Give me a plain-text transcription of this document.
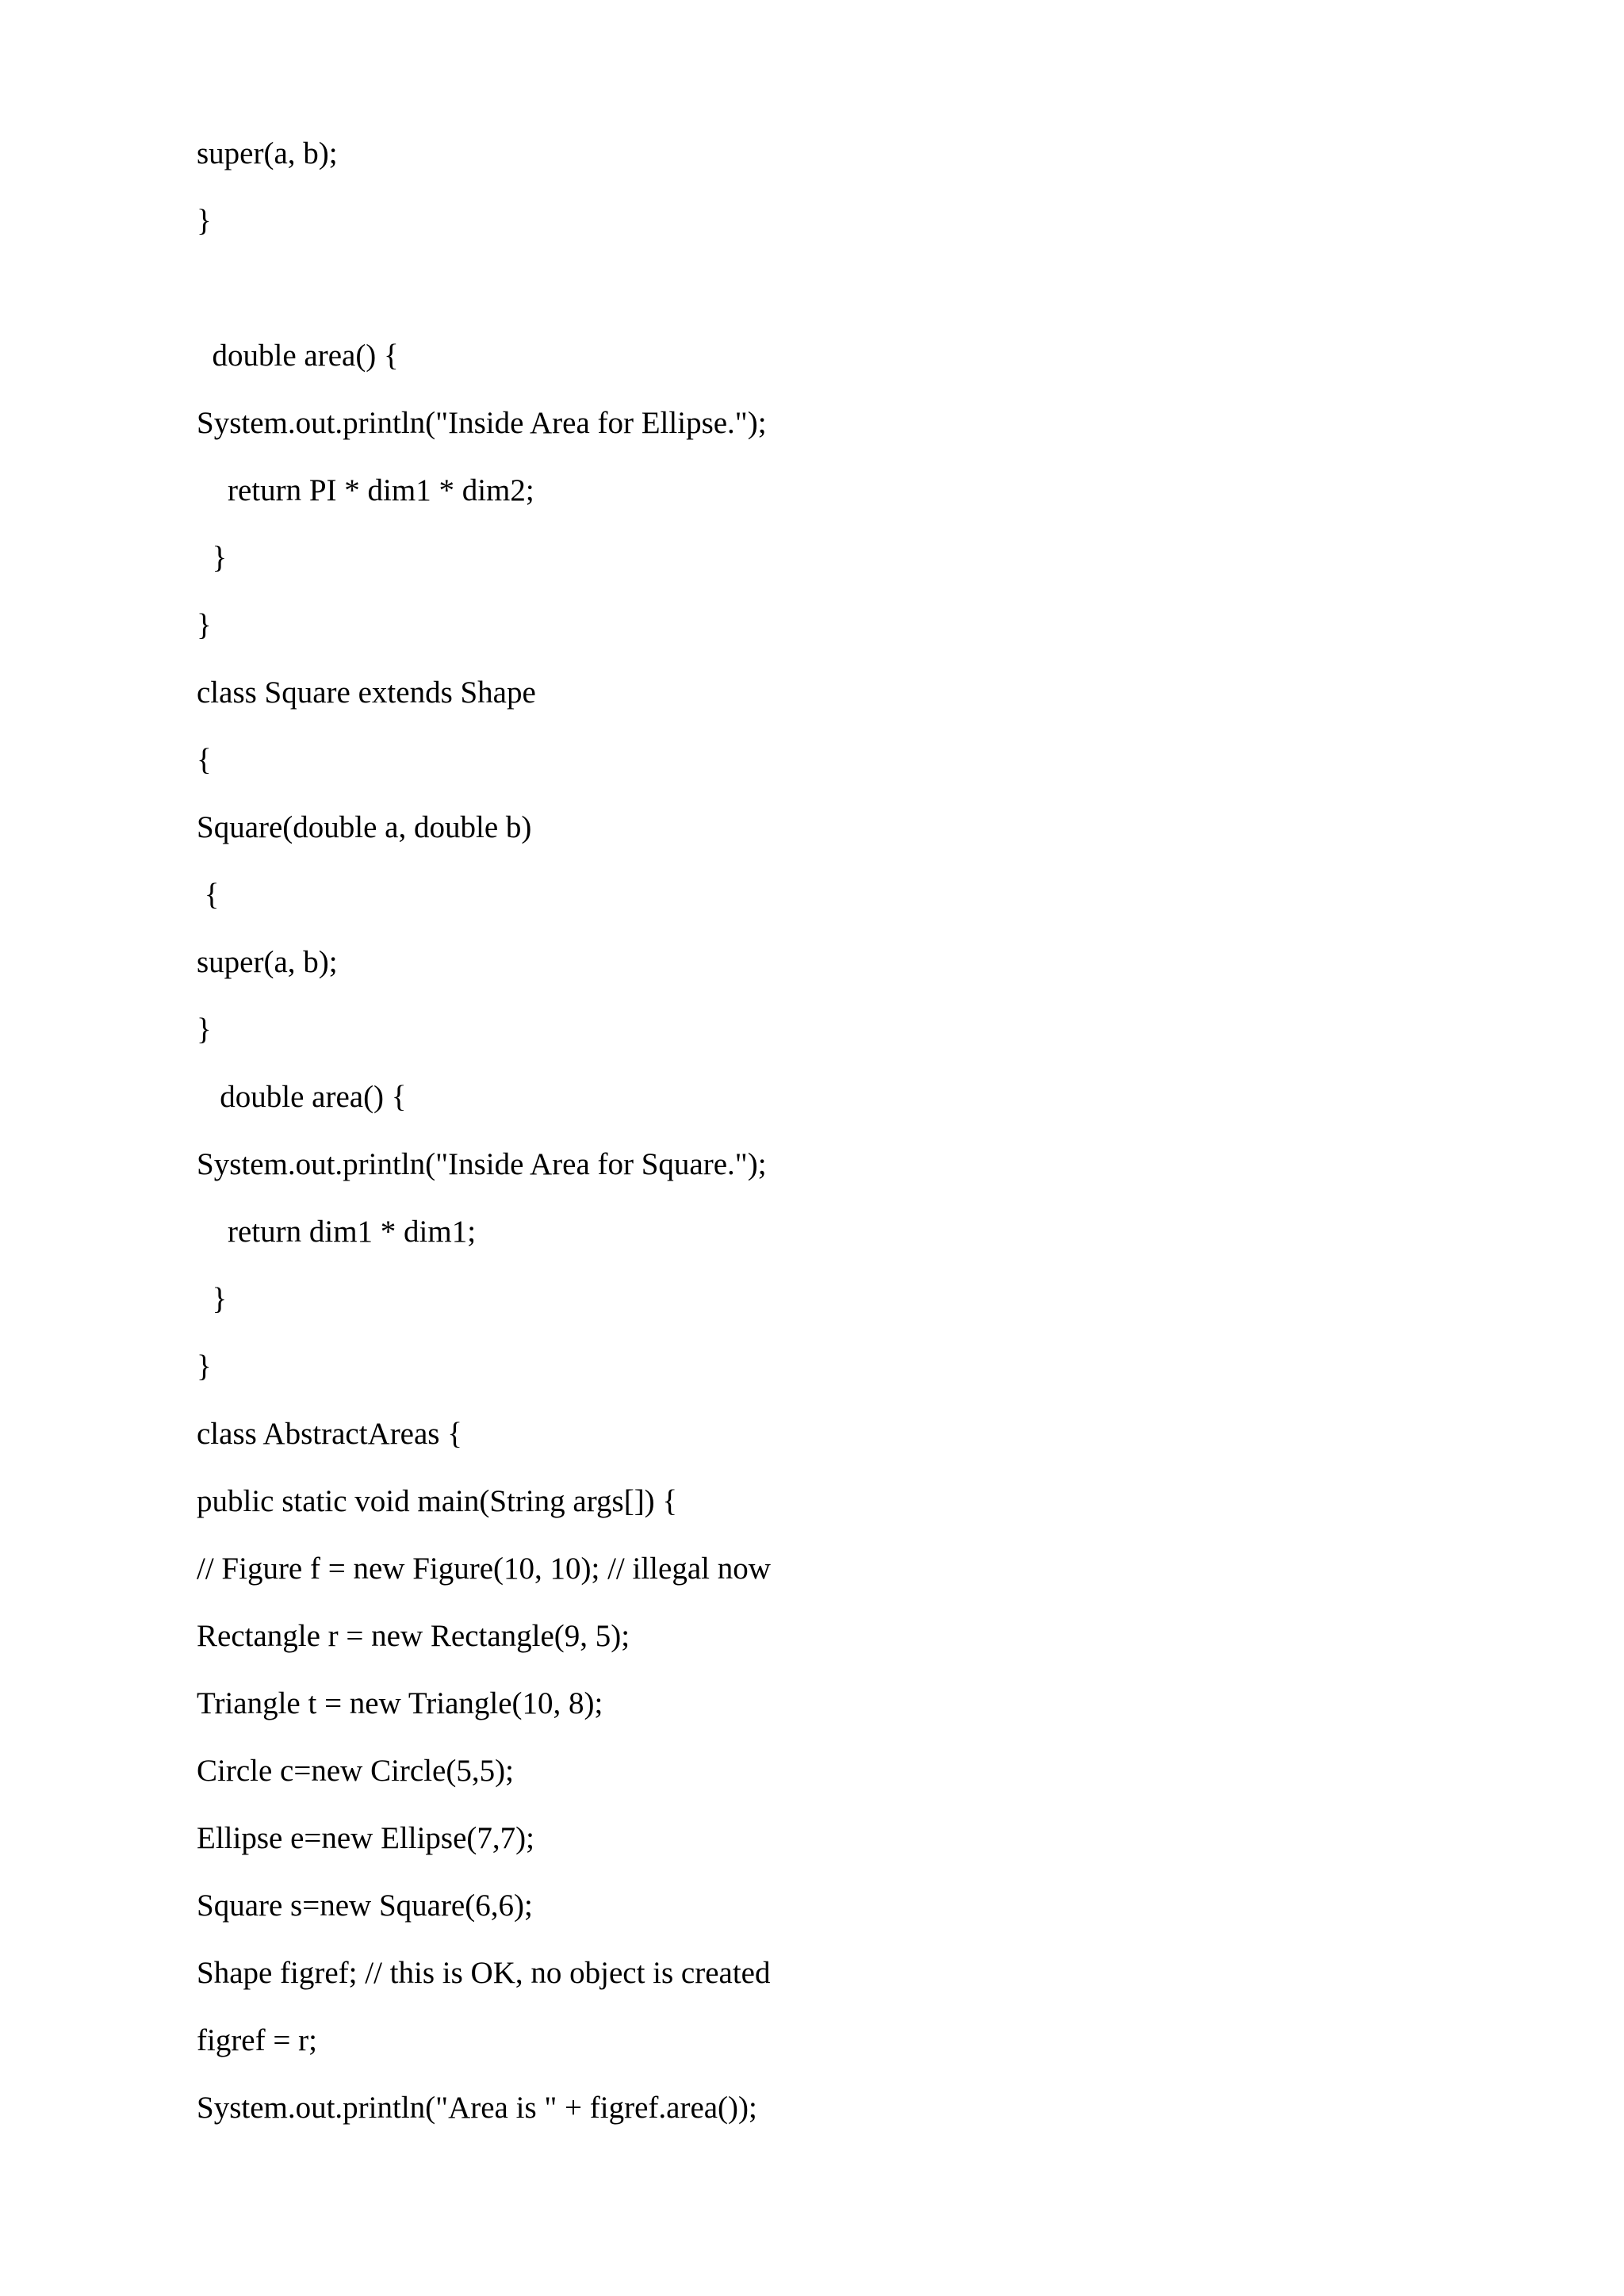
super(a, b);
}
double area() {
System.out.println("Inside Area for Ellipse.");
return PI * dim1 * dim2;
}
}
class Square extends Shape
{
Square(double a, double b)
{
super(a, b);
}
double area() {
System.out.println("Inside Area for Square.");
return dim1 * dim1;
}
}
class AbstractAreas {
public static void main(String args[]) {
// Figure f = new Figure(10, 10); // illegal now
Rectangle r = new Rectangle(9, 5);
Triangle t = new Triangle(10, 8);
Circle c=new Circle(5,5);
Ellipse e=new Ellipse(7,7);
Square s=new Square(6,6);
Shape figref; // this is OK, no object is created
figref = r;
System.out.println("Area is " + figref.area());
